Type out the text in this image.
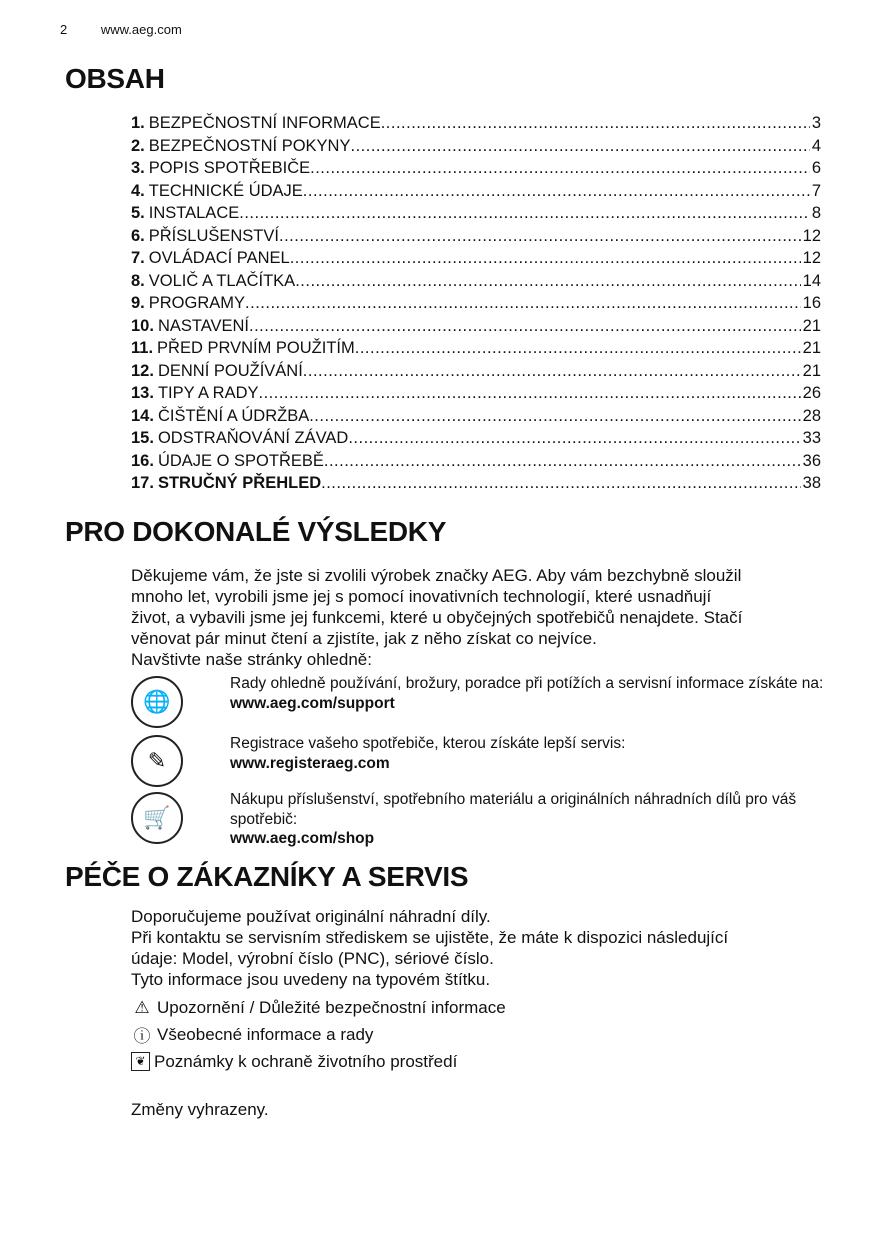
2	www.aeg.com
OBSAH
1. BEZPEČNOSTNÍ INFORMACE .....	3
2. BEZPEČNOSTNÍ POKYNY .....	4
3. POPIS SPOTŘEBIČE .....	6
4. TECHNICKÉ ÚDAJE .....	7
5. INSTALACE .....	8
6. PŘÍSLUŠENSTVÍ .....	12
7. OVLÁDACÍ PANEL .....	12
8. VOLIČ A TLAČÍTKA .....	14
9. PROGRAMY .....	16
10. NASTAVENÍ .....	21
11. PŘED PRVNÍM POUŽITÍM .....	21
12. DENNÍ POUŽÍVÁNÍ .....	21
13. TIPY A RADY .....	26
14. ČIŠTĚNÍ A ÚDRŽBA .....	28
15. ODSTRAŇOVÁNÍ ZÁVAD .....	33
16. ÚDAJE O SPOTŘEBĚ .....	36
17. STRUČNÝ PŘEHLED .....	38
PRO DOKONALÉ VÝSLEDKY
Děkujeme vám, že jste si zvolili výrobek značky AEG. Aby vám bezchybně sloužil
mnoho let, vyrobili jsme jej s pomocí inovativních technologií, které usnadňují
život, a vybavili jsme jej funkcemi, které u obyčejných spotřebičů nenajdete. Stačí
věnovat pár minut čtení a zjistíte, jak z něho získat co nejvíce.
Navštivte naše stránky ohledně:
🌐
Rady ohledně používání, brožury, poradce při potížích a servisní informace získáte na:
www.aeg.com/support
✎
Registrace vašeho spotřebiče, kterou získáte lepší servis:
www.registeraeg.com
🛒
Nákupu příslušenství, spotřebního materiálu a originálních náhradních dílů pro váš spotřebič:
www.aeg.com/shop
PÉČE O ZÁKAZNÍKY A SERVIS
Doporučujeme používat originální náhradní díly.
Při kontaktu se servisním střediskem se ujistěte, že máte k dispozici následující
údaje: Model, výrobní číslo (PNC), sériové číslo.
Tyto informace jsou uvedeny na typovém štítku.
⚠ Upozornění / Důležité bezpečnostní informace
ⓘ Všeobecné informace a rady
❦ Poznámky k ochraně životního prostředí
Změny vyhrazeny.
